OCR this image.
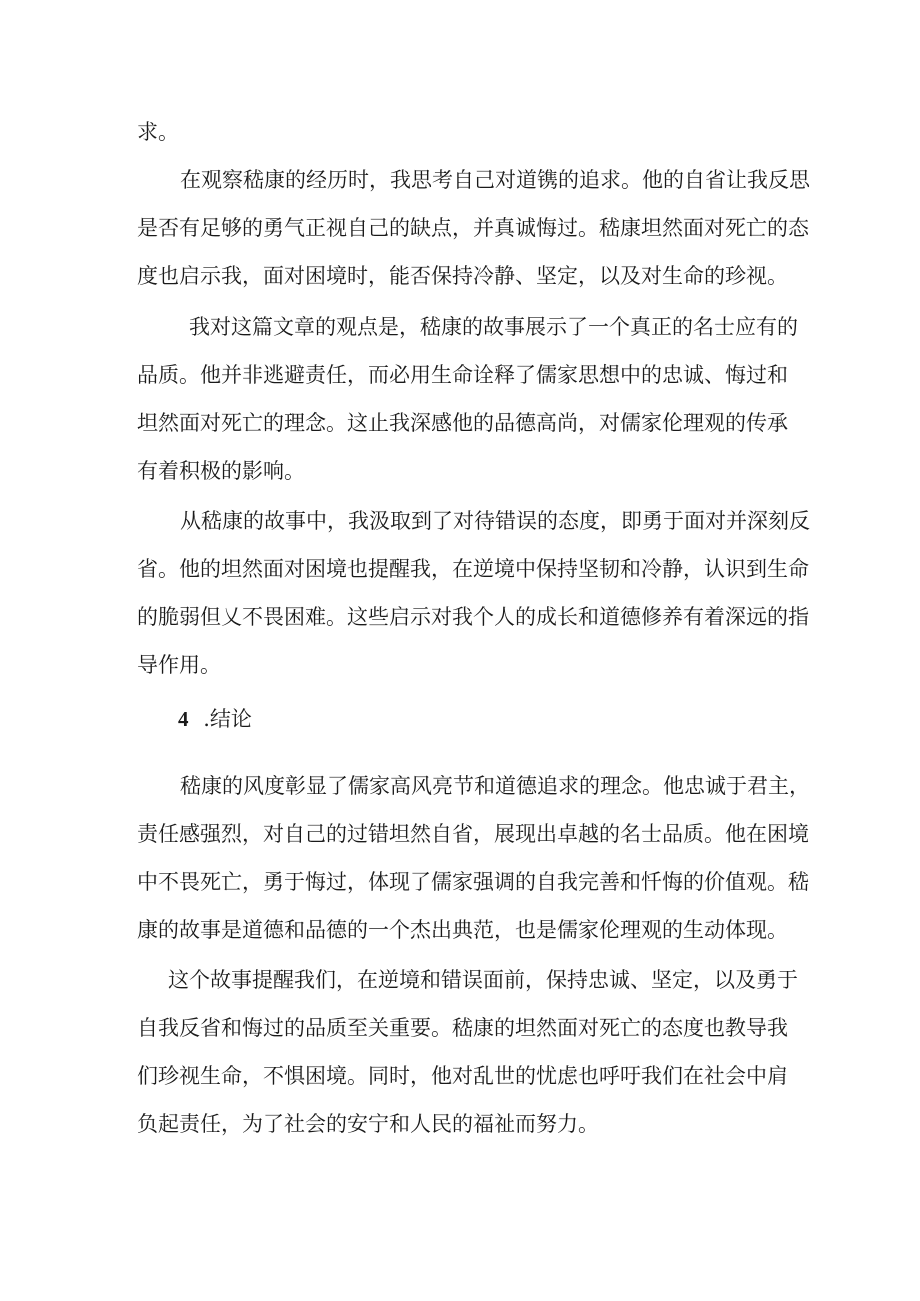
求。
在观察嵇康的经历时，我思考自己对道镌的追求。他的自省让我反思
是否有足够的勇气正视自己的缺点，并真诚悔过。嵇康坦然面对死亡的态
度也启示我，面对困境时，能否保持冷静、坚定，以及对生命的珍视。
我对这篇文章的观点是，嵇康的故事展示了一个真正的名士应有的
品质。他并非逃避责任，而必用生命诠释了儒家思想中的忠诚、悔过和
坦然面对死亡的理念。这止我深感他的品德高尚，对儒家伦理观的传承
有着积极的影响。
从嵇康的故事中，我汲取到了对待错误的态度，即勇于面对并深刻反
省。他的坦然面对困境也提醒我，在逆境中保持坚韧和冷静，认识到生命
的脆弱但乂不畏困难。这些启示对我个人的成长和道德修养有着深远的指
导作用。
4 .结论
嵇康的风度彰显了儒家高风亮节和道德追求的理念。他忠诚于君主，
责任感强烈，对自己的过错坦然自省，展现出卓越的名士品质。他在困境
中不畏死亡，勇于悔过，体现了儒家强调的自我完善和忏悔的价值观。嵇
康的故事是道德和品德的一个杰出典范，也是儒家伦理观的生动体现。
这个故事提醒我们，在逆境和错误面前，保持忠诚、坚定，以及勇于
自我反省和悔过的品质至关重要。嵇康的坦然面对死亡的态度也教导我
们珍视生命，不惧困境。同时，他对乱世的忧虑也呼吁我们在社会中肩
负起责任，为了社会的安宁和人民的福祉而努力。
